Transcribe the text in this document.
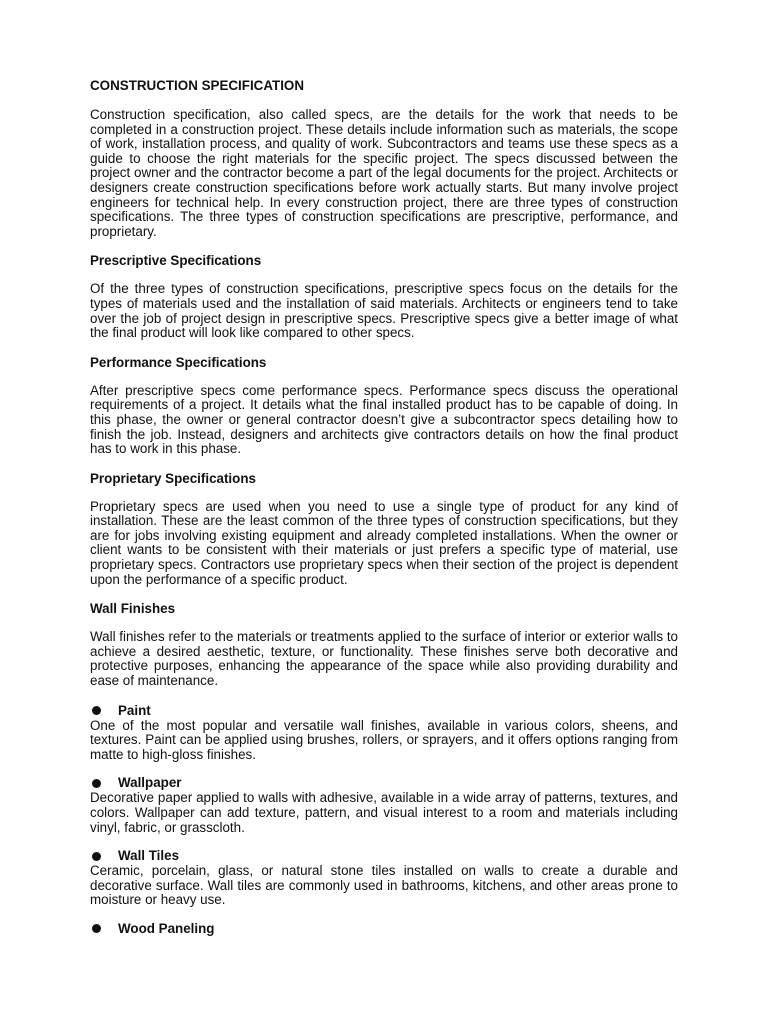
CONSTRUCTION SPECIFICATION

Construction specification, also called specs, are the details for the work that needs to be completed in a construction project. These details include information such as materials, the scope of work, installation process, and quality of work. Subcontractors and teams use these specs as a guide to choose the right materials for the specific project. The specs discussed between the project owner and the contractor become a part of the legal documents for the project. Architects or designers create construction specifications before work actually starts. But many involve project engineers for technical help. In every construction project, there are three types of construction specifications. The three types of construction specifications are prescriptive, performance, and proprietary.

Prescriptive Specifications

Of the three types of construction specifications, prescriptive specs focus on the details for the types of materials used and the installation of said materials. Architects or engineers tend to take over the job of project design in prescriptive specs. Prescriptive specs give a better image of what the final product will look like compared to other specs.

Performance Specifications

After prescriptive specs come performance specs. Performance specs discuss the operational requirements of a project. It details what the final installed product has to be capable of doing. In this phase, the owner or general contractor doesn’t give a subcontractor specs detailing how to finish the job. Instead, designers and architects give contractors details on how the final product has to work in this phase.

Proprietary Specifications

Proprietary specs are used when you need to use a single type of product for any kind of installation. These are the least common of the three types of construction specifications, but they are for jobs involving existing equipment and already completed installations. When the owner or client wants to be consistent with their materials or just prefers a specific type of material, use proprietary specs. Contractors use proprietary specs when their section of the project is dependent upon the performance of a specific product.

Wall Finishes

Wall finishes refer to the materials or treatments applied to the surface of interior or exterior walls to achieve a desired aesthetic, texture, or functionality. These finishes serve both decorative and protective purposes, enhancing the appearance of the space while also providing durability and ease of maintenance.

Paint

One of the most popular and versatile wall finishes, available in various colors, sheens, and textures. Paint can be applied using brushes, rollers, or sprayers, and it offers options ranging from matte to high-gloss finishes.

Wallpaper

Decorative paper applied to walls with adhesive, available in a wide array of patterns, textures, and colors. Wallpaper can add texture, pattern, and visual interest to a room and materials including vinyl, fabric, or grasscloth.

Wall Tiles

Ceramic, porcelain, glass, or natural stone tiles installed on walls to create a durable and decorative surface. Wall tiles are commonly used in bathrooms, kitchens, and other areas prone to moisture or heavy use.

Wood Paneling
